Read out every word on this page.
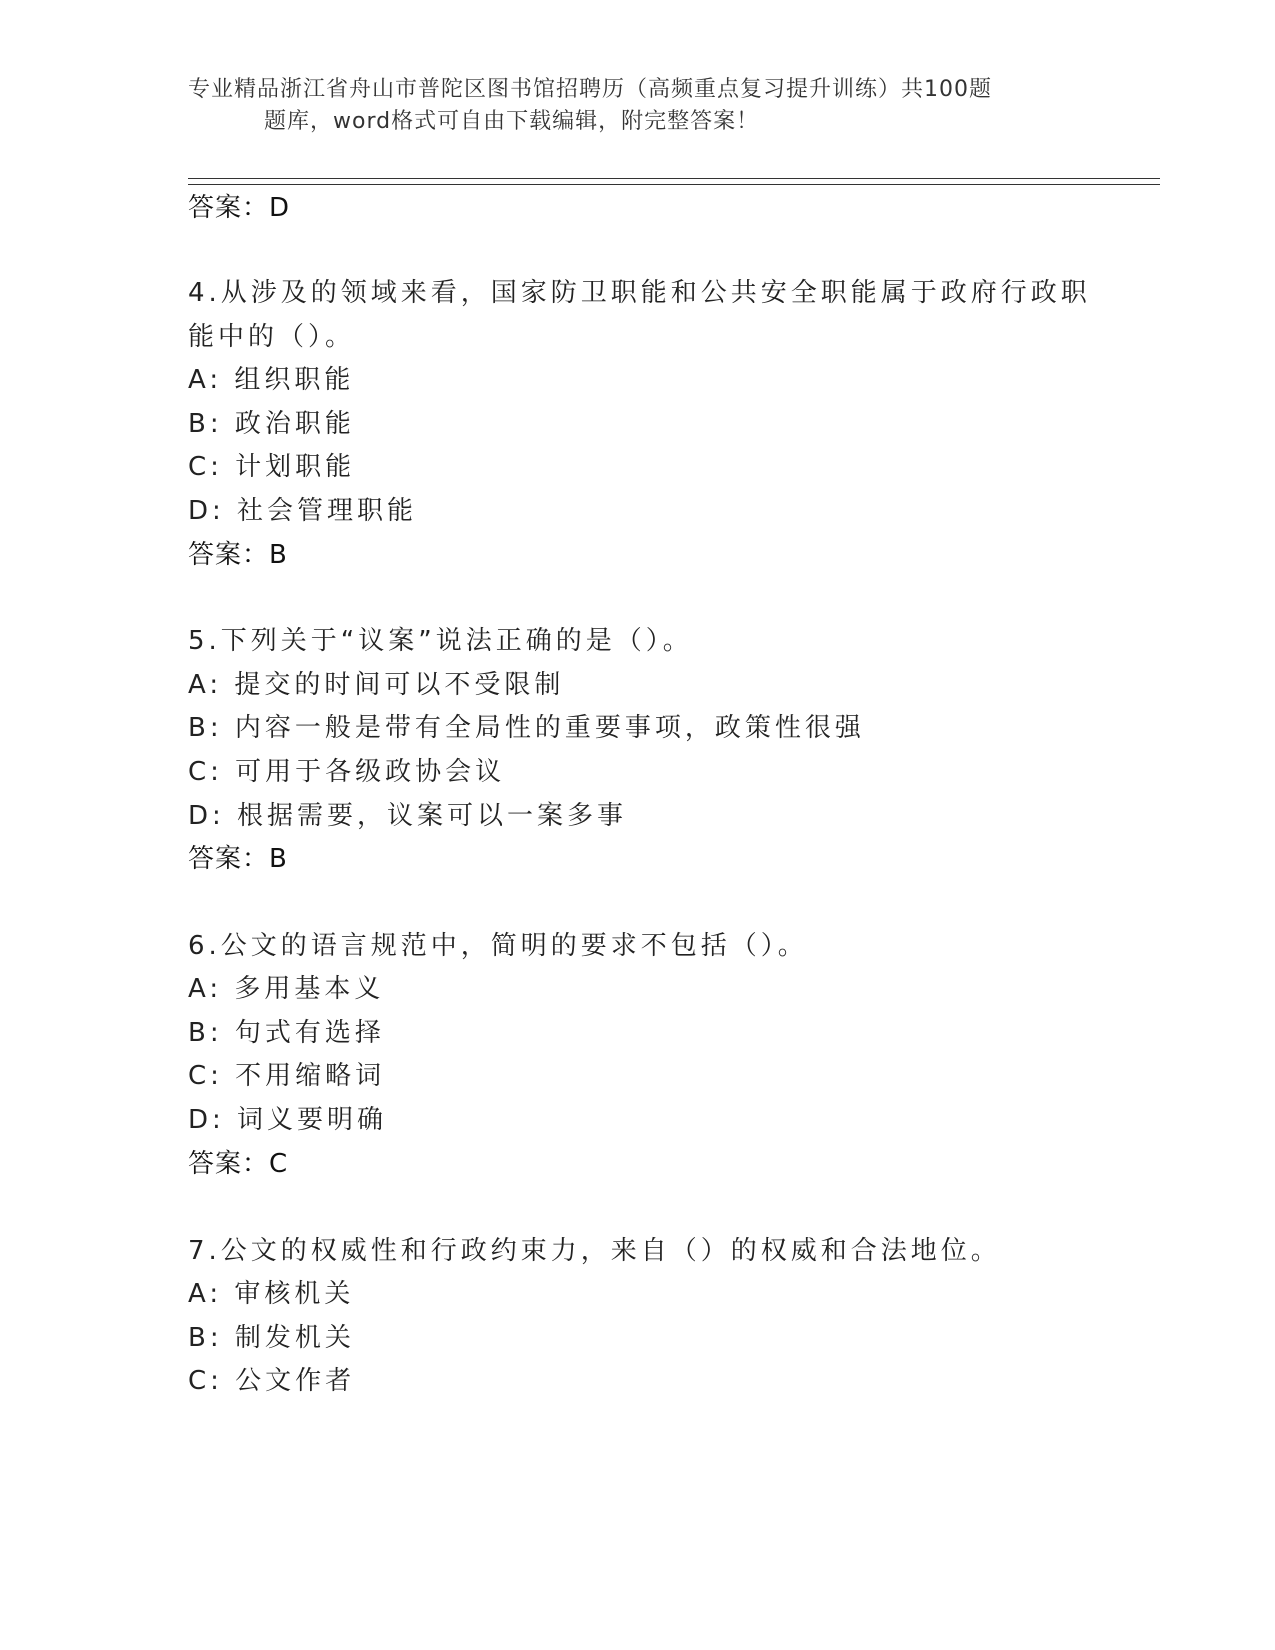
专业精品浙江省舟山市普陀区图书馆招聘历（高频重点复习提升训练）共100题
题库，word格式可自由下载编辑，附完整答案！
答案：D
4.从涉及的领域来看，国家防卫职能和公共安全职能属于政府行政职
能中的（）。
A: 组织职能
B: 政治职能
C: 计划职能
D: 社会管理职能
答案：B
5.下列关于“议案”说法正确的是（）。
A: 提交的时间可以不受限制
B: 内容一般是带有全局性的重要事项，政策性很强
C: 可用于各级政协会议
D: 根据需要，议案可以一案多事
答案：B
6.公文的语言规范中，简明的要求不包括（）。
A: 多用基本义
B: 句式有选择
C: 不用缩略词
D: 词义要明确
答案：C
7.公文的权威性和行政约束力，来自（）的权威和合法地位。
A: 审核机关
B: 制发机关
C: 公文作者
